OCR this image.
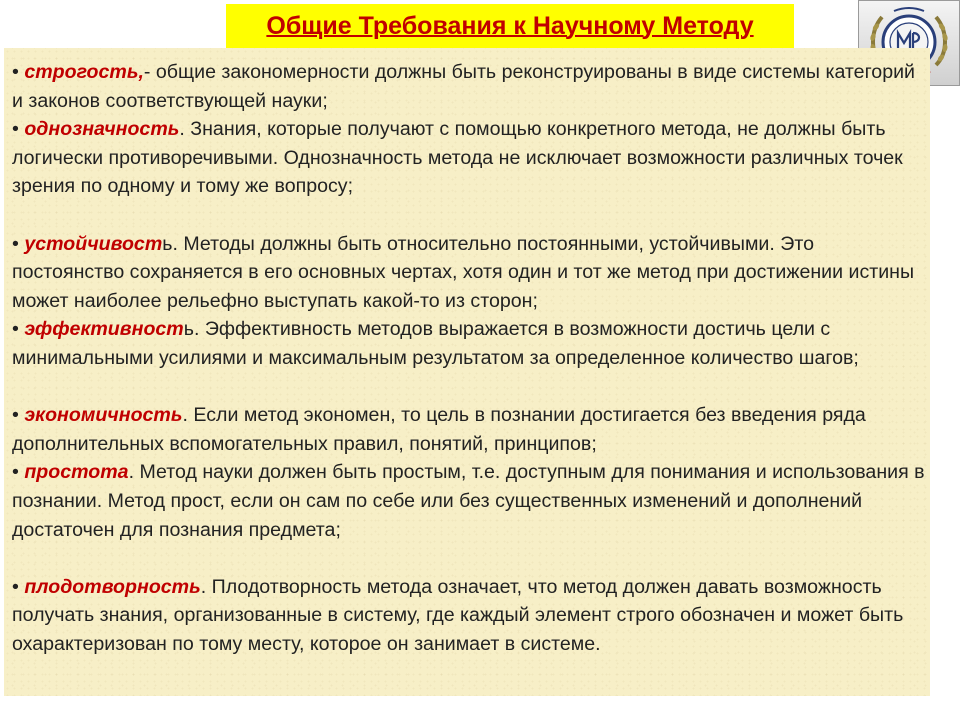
Общие Требования к Научному Методу

• строгость,- общие закономерности должны быть реконструированы в виде системы категорий и законов соответствующей науки;

• однозначность. Знания, которые получают с помощью конкретного метода, не должны быть логически противоречивыми. Однозначность метода не исключает возможности различных точек зрения по одному и тому же вопросу;

• устойчивость. Методы должны быть относительно постоянными, устойчивыми. Это постоянство сохраняется в его основных чертах, хотя один и тот же метод при достижении истины может наиболее рельефно выступать какой-то из сторон;

• эффективность. Эффективность методов выражается в возможности достичь цели с минимальными усилиями и максимальным результатом за определенное количество шагов;

• экономичность. Если метод экономен, то цель в познании достигается без введения ряда дополнительных вспомогательных правил, понятий, принципов;

• простота. Метод науки должен быть простым, т.е. доступным для понимания и использования в познании. Метод прост, если он сам по себе или без существенных изменений и дополнений достаточен для познания предмета;

• плодотворность. Плодотворность метода означает, что метод должен давать возможность получать знания, организованные в систему, где каждый элемент строго обозначен и может быть охарактеризован по тому месту, которое он занимает в системе.
